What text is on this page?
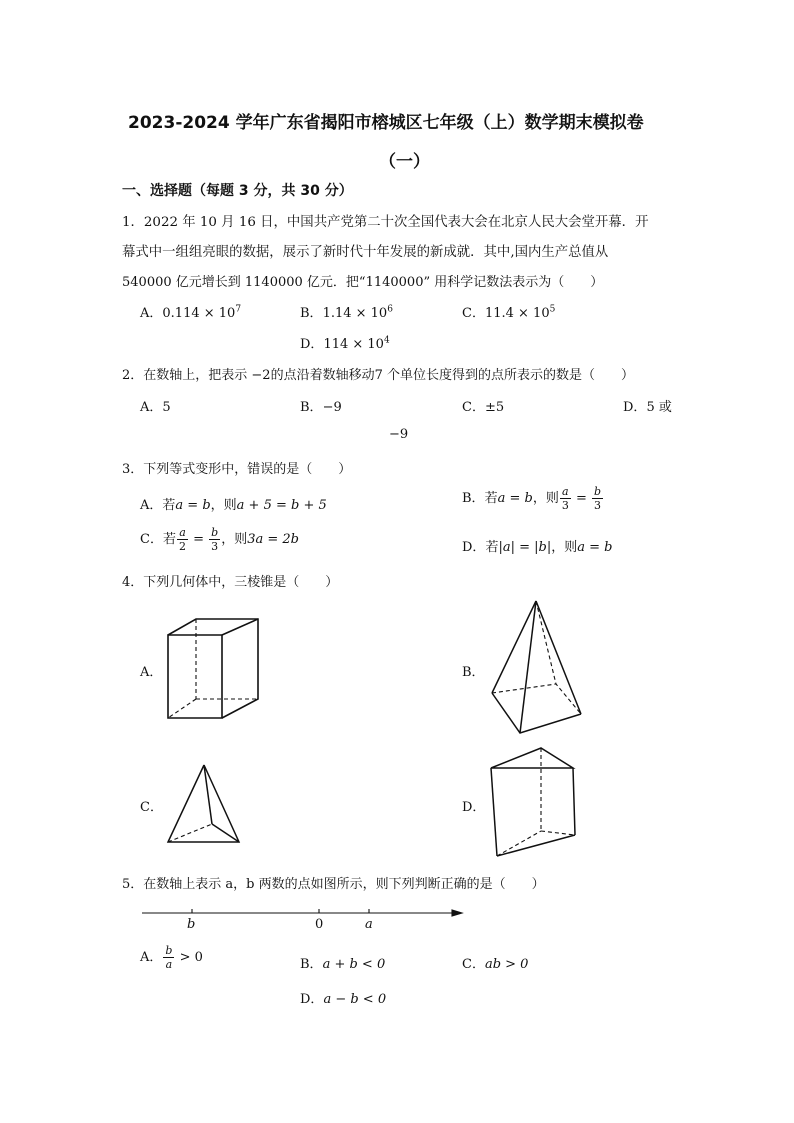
2023-2024 学年广东省揭阳市榕城区七年级（上）数学期末模拟卷
（一）
一、选择题（每题 3 分，共 30 分）
1．2022 年 10 月 16 日，中国共产党第二十次全国代表大会在北京人民大会堂开幕．开
幕式中一组组亮眼的数据，展示了新时代十年发展的新成就．其中,国内生产总值从
540000 亿元增长到 1140000 亿元．把“1140000” 用科学记数法表示为（　　）
A．$0.114 \times 10^7$	B．$1.14 \times 10^6$	C．$11.4 \times 10^5$
D．$114 \times 10^4$
2．在数轴上，把表示 −2的点沿着数轴移动7 个单位长度得到的点所表示的数是（　　）
A．5	B．−9	C．±5	D．5 或
−9
3．下列等式变形中，错误的是（　　）
A．若a = b，则a + 5 = b + 5	B．若a = b，则 $\frac{a}{3} = \frac{b}{3}$
C．若 $\frac{a}{2} = \frac{b}{3}$ ，则3a = 2b
D．若|a| = |b|，则a = b
4．下列几何体中，三棱锥是（　　）
A．	B．
C．	D．
5．在数轴上表示 a，b 两数的点如图所示，则下列判断正确的是（　　）
b	0	a
A． $\frac{b}{a} > 0$	B．a + b < 0	C．ab > 0
D．a − b < 0
